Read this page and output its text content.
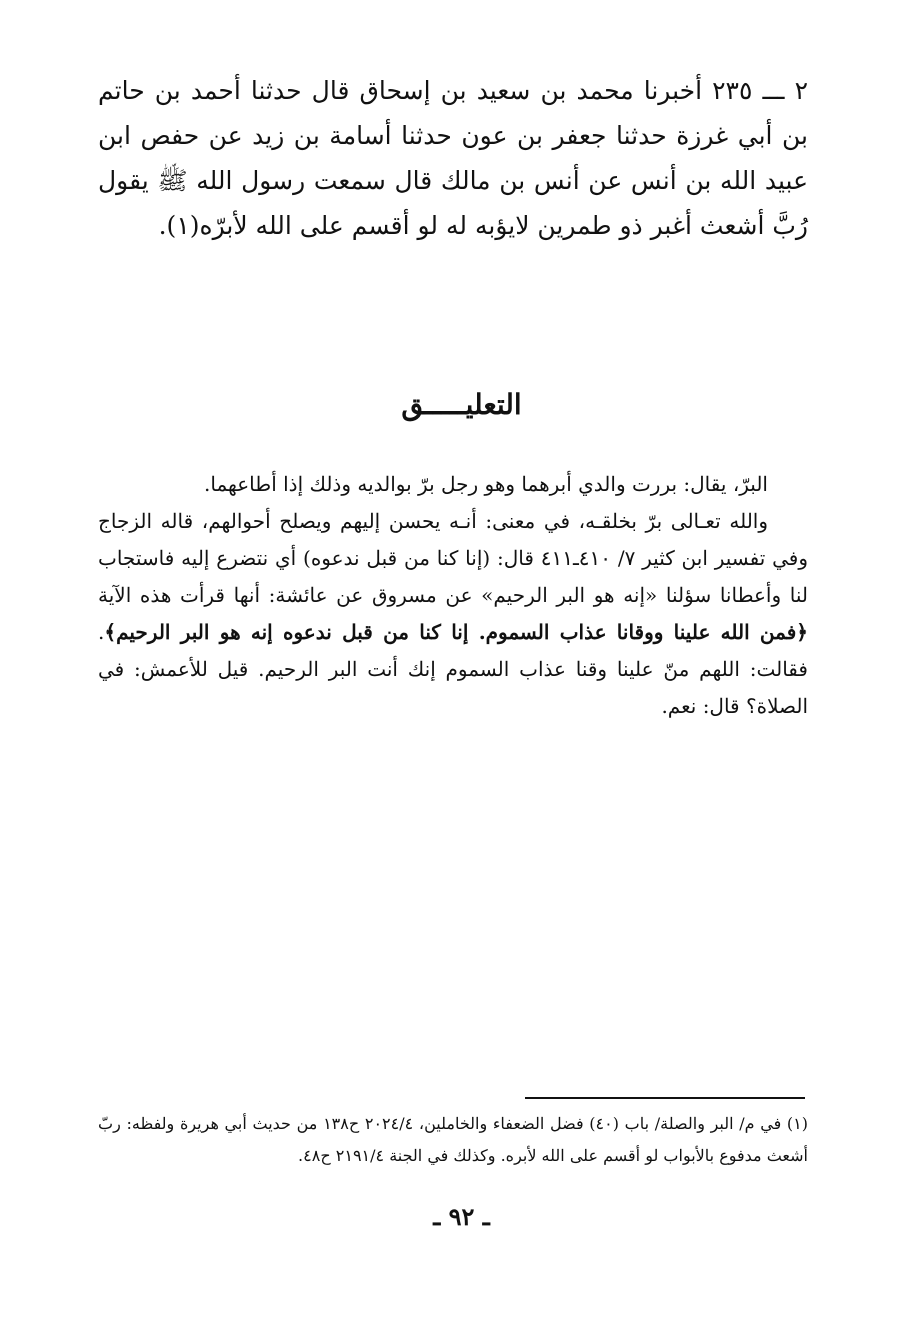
٢ ـــ ٢٣٥ أخبرنا محمد بن سعيد بن إسحاق قال حدثنا أحمد بن حاتم بن أبي غرزة حدثنا جعفر بن عون حدثنا أسامة بن زيد عن حفص ابن عبيد الله بن أنس عن أنس بن مالك قال سمعت رسول الله ﷺ يقول رُبَّ أشعث أغبر ذو طمرين لايؤبه له لو أقسم على الله لأبرّه(١).

التعليـــــق

البرّ، يقال: بررت والدي أبرهما وهو رجل برّ بوالديه وذلك إذا أطاعهما.

والله تعـالى برّ بخلقـه، في معنى: أنـه يحسن إليهم ويصلح أحوالهم، قاله الزجاج وفي تفسير ابن كثير ٧/ ٤١٠ـ٤١١ قال: (إنا كنا من قبل ندعوه) أي نتضرع إليه فاستجاب لنا وأعطانا سؤلنا «إنه هو البر الرحيم» عن مسروق عن عائشة: أنها قرأت هذه الآية ﴿فمن الله علينا ووقانا عذاب السموم. إنا كنا من قبل ندعوه إنه هو البر الرحيم﴾. فقالت: اللهم منّ علينا وقنا عذاب السموم إنك أنت البر الرحيم. قيل للأعمش: في الصلاة؟ قال: نعم.

(١) في م/ البر والصلة/ باب (٤٠) فضل الضعفاء والخاملين، ٢٠٢٤/٤ ح١٣٨ من حديث أبي هريرة ولفظه: ربّ أشعث مدفوع بالأبواب لو أقسم على الله لأبره. وكذلك في الجنة ٢١٩١/٤ ح٤٨.

ـ ٩٢ ـ
